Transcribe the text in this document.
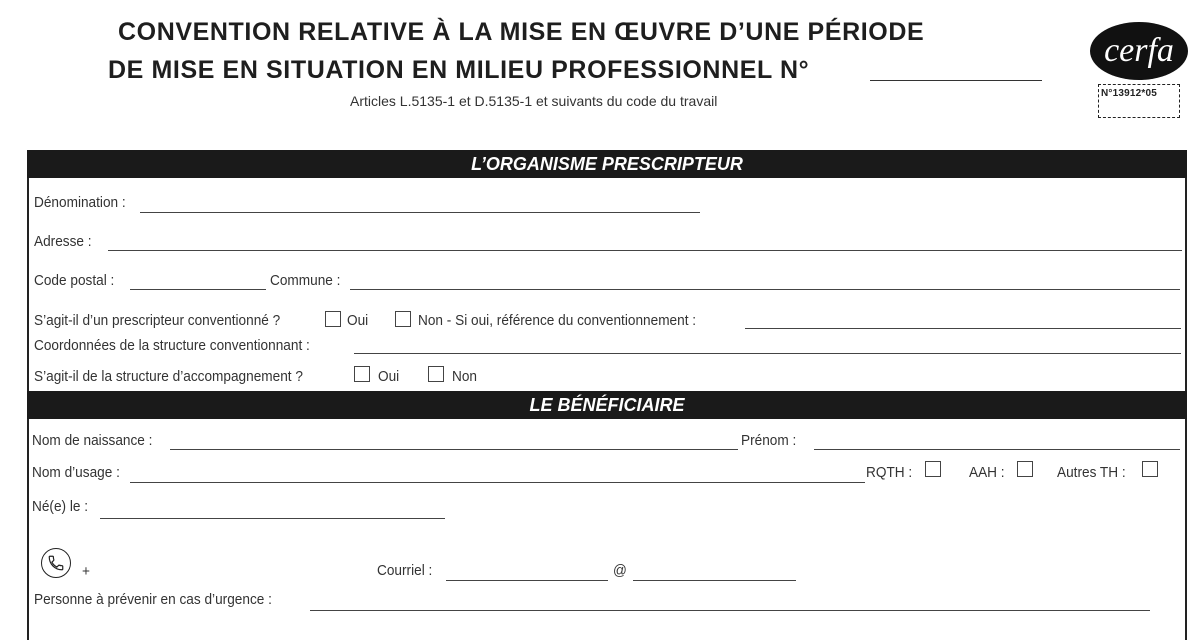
CONVENTION RELATIVE À LA MISE EN ŒUVRE D’UNE PÉRIODE
DE MISE EN SITUATION EN MILIEU PROFESSIONNEL N°
Articles L.5135-1 et D.5135-1 et suivants du code du travail
cerfa
N°13912*05
L’ORGANISME PRESCRIPTEUR
Dénomination :
Adresse :
Code postal :	Commune :
S’agit-il d’un prescripteur conventionné ?	Oui	Non - Si oui, référence du conventionnement :
Coordonnées de la structure conventionnant :
S’agit-il de la structure d’accompagnement ?	Oui	Non
LE BÉNÉFICIAIRE
Nom de naissance :	Prénom :
Nom d’usage :	RQTH :	AAH :	Autres TH :
Né(e) le :
+	Courriel :	@
Personne à prévenir en cas d’urgence :
